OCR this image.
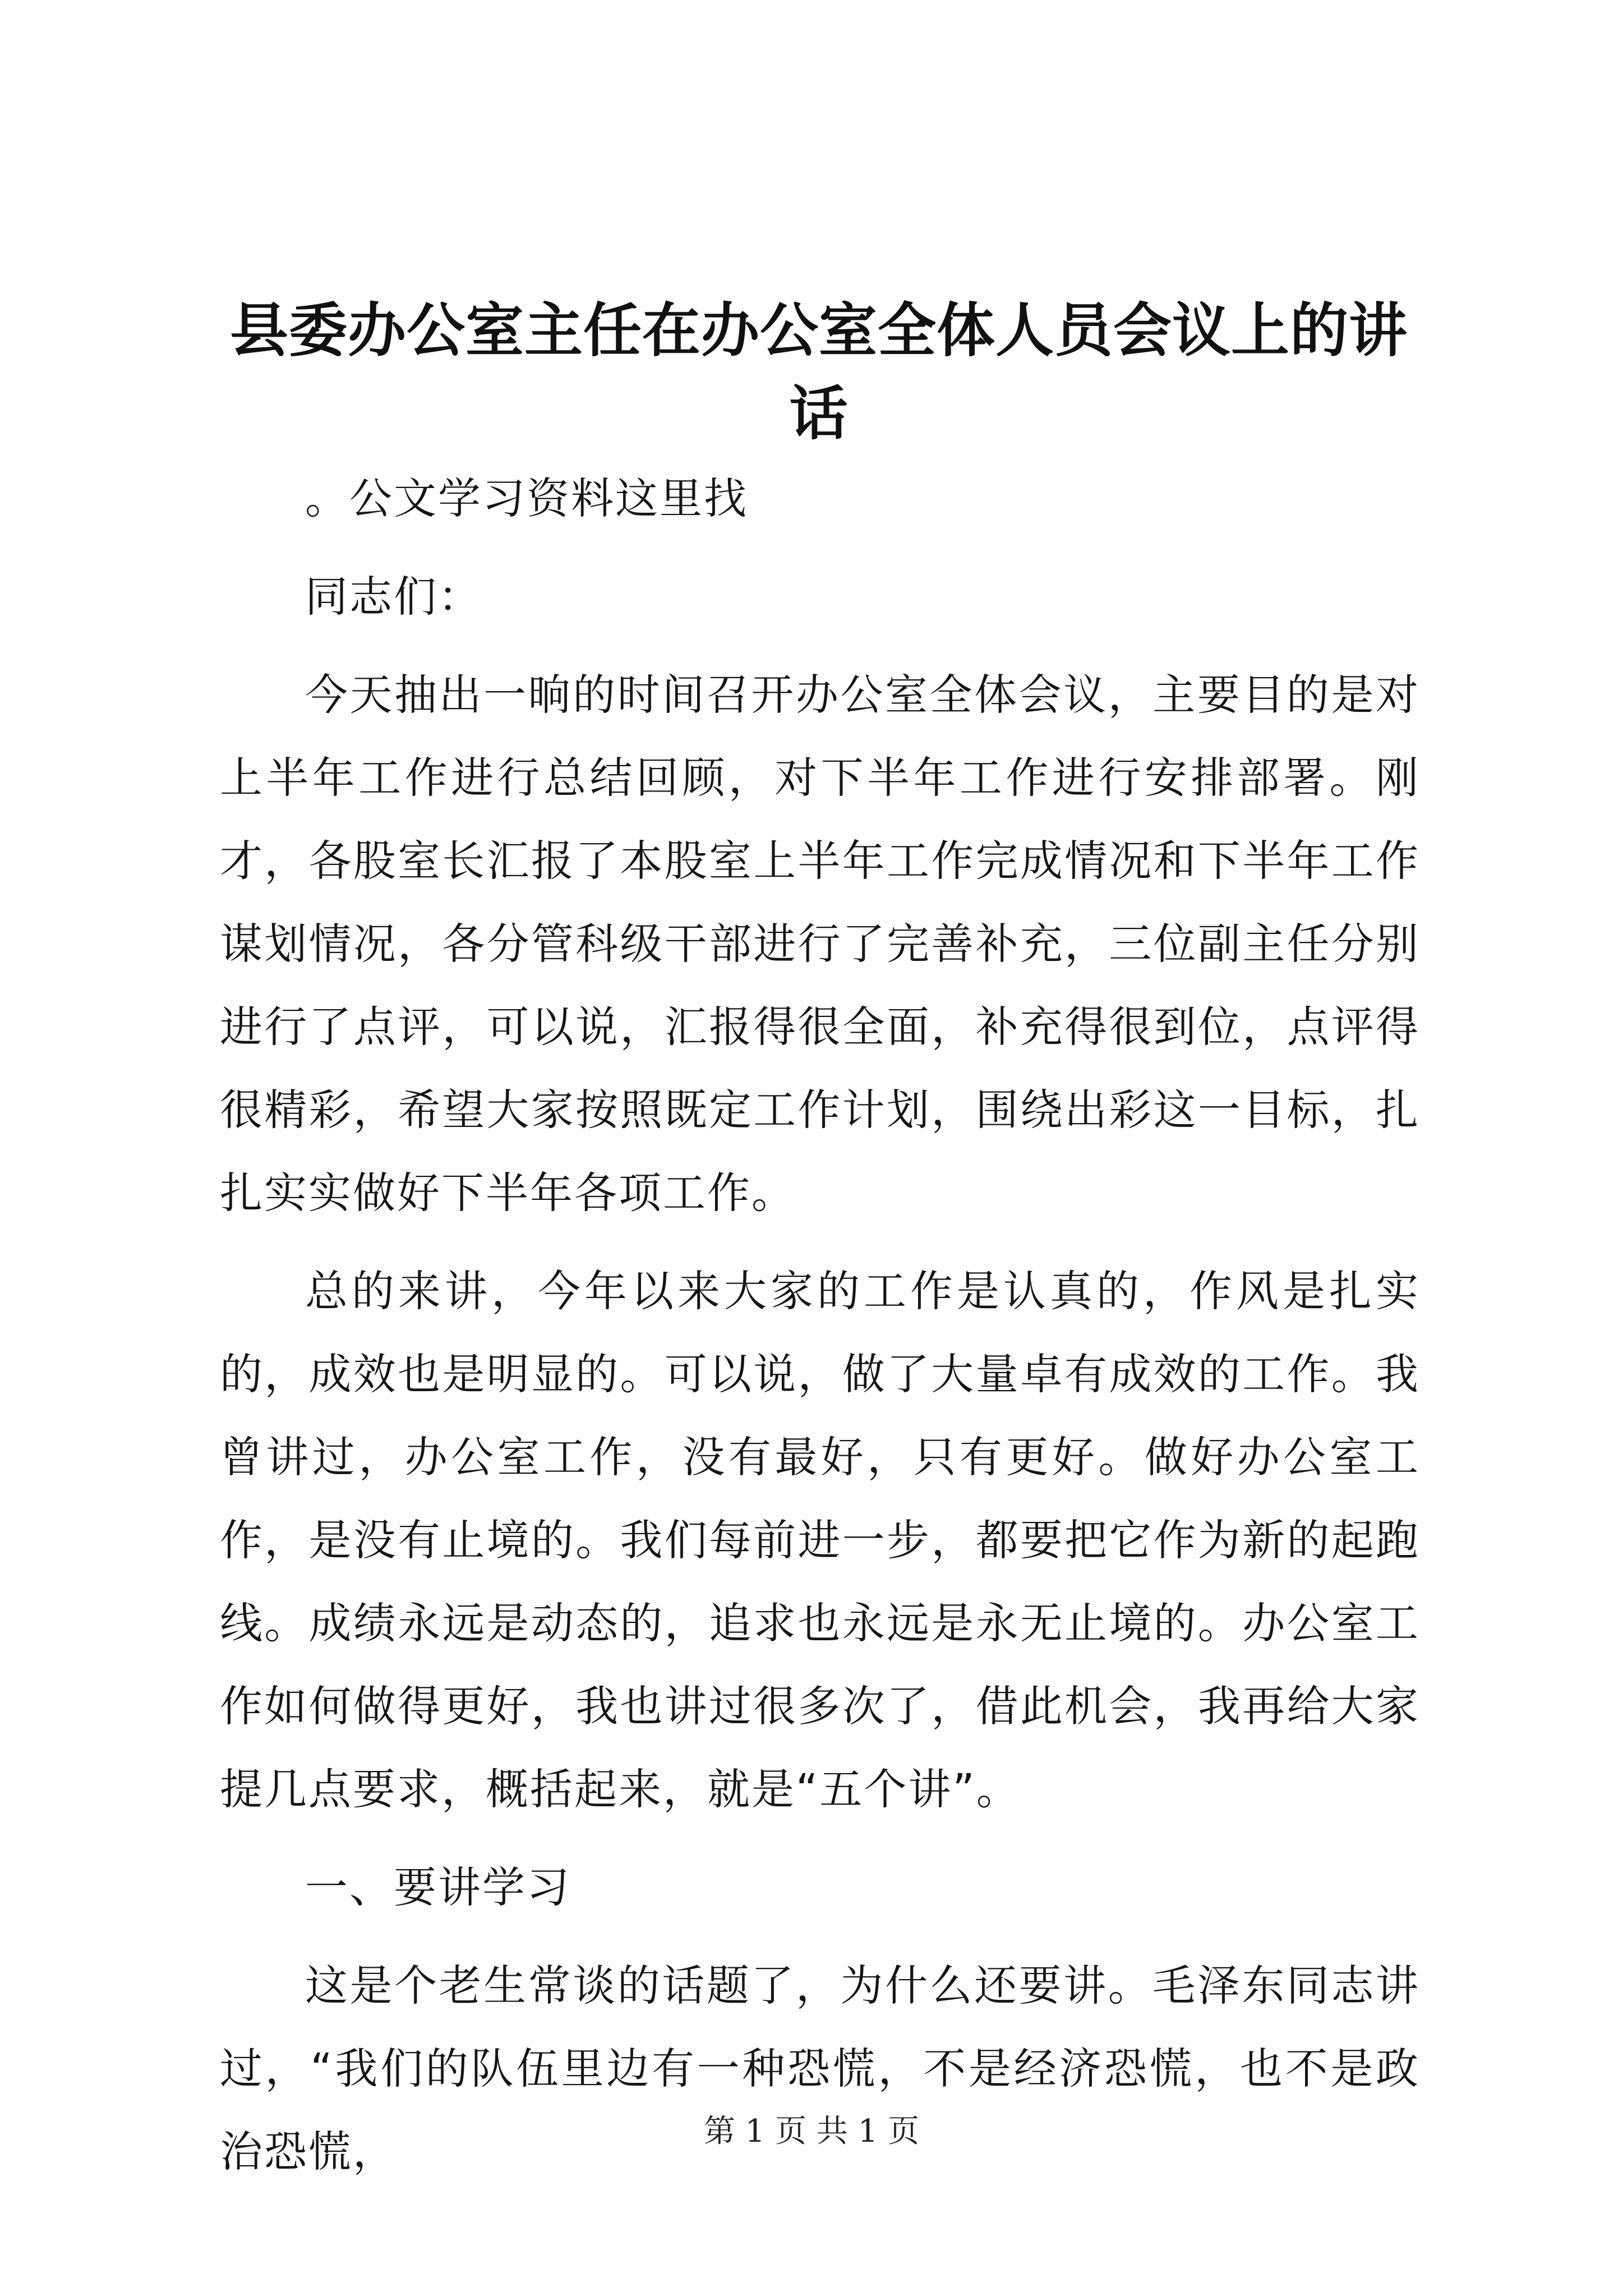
县委办公室主任在办公室全体人员会议上的讲话

。公文学习资料这里找

同志们：

今天抽出一晌的时间召开办公室全体会议，主要目的是对上半年工作进行总结回顾，对下半年工作进行安排部署。刚才，各股室长汇报了本股室上半年工作完成情况和下半年工作谋划情况，各分管科级干部进行了完善补充，三位副主任分别进行了点评，可以说，汇报得很全面，补充得很到位，点评得很精彩，希望大家按照既定工作计划，围绕出彩这一目标，扎扎实实做好下半年各项工作。

总的来讲，今年以来大家的工作是认真的，作风是扎实的，成效也是明显的。可以说，做了大量卓有成效的工作。我曾讲过，办公室工作，没有最好，只有更好。做好办公室工作，是没有止境的。我们每前进一步，都要把它作为新的起跑线。成绩永远是动态的，追求也永远是永无止境的。办公室工作如何做得更好，我也讲过很多次了，借此机会，我再给大家提几点要求，概括起来，就是“五个讲”。

一、要讲学习

这是个老生常谈的话题了，为什么还要讲。毛泽东同志讲过，“我们的队伍里边有一种恐慌，不是经济恐慌，也不是政治恐慌，	第 1 页 共 1 页
